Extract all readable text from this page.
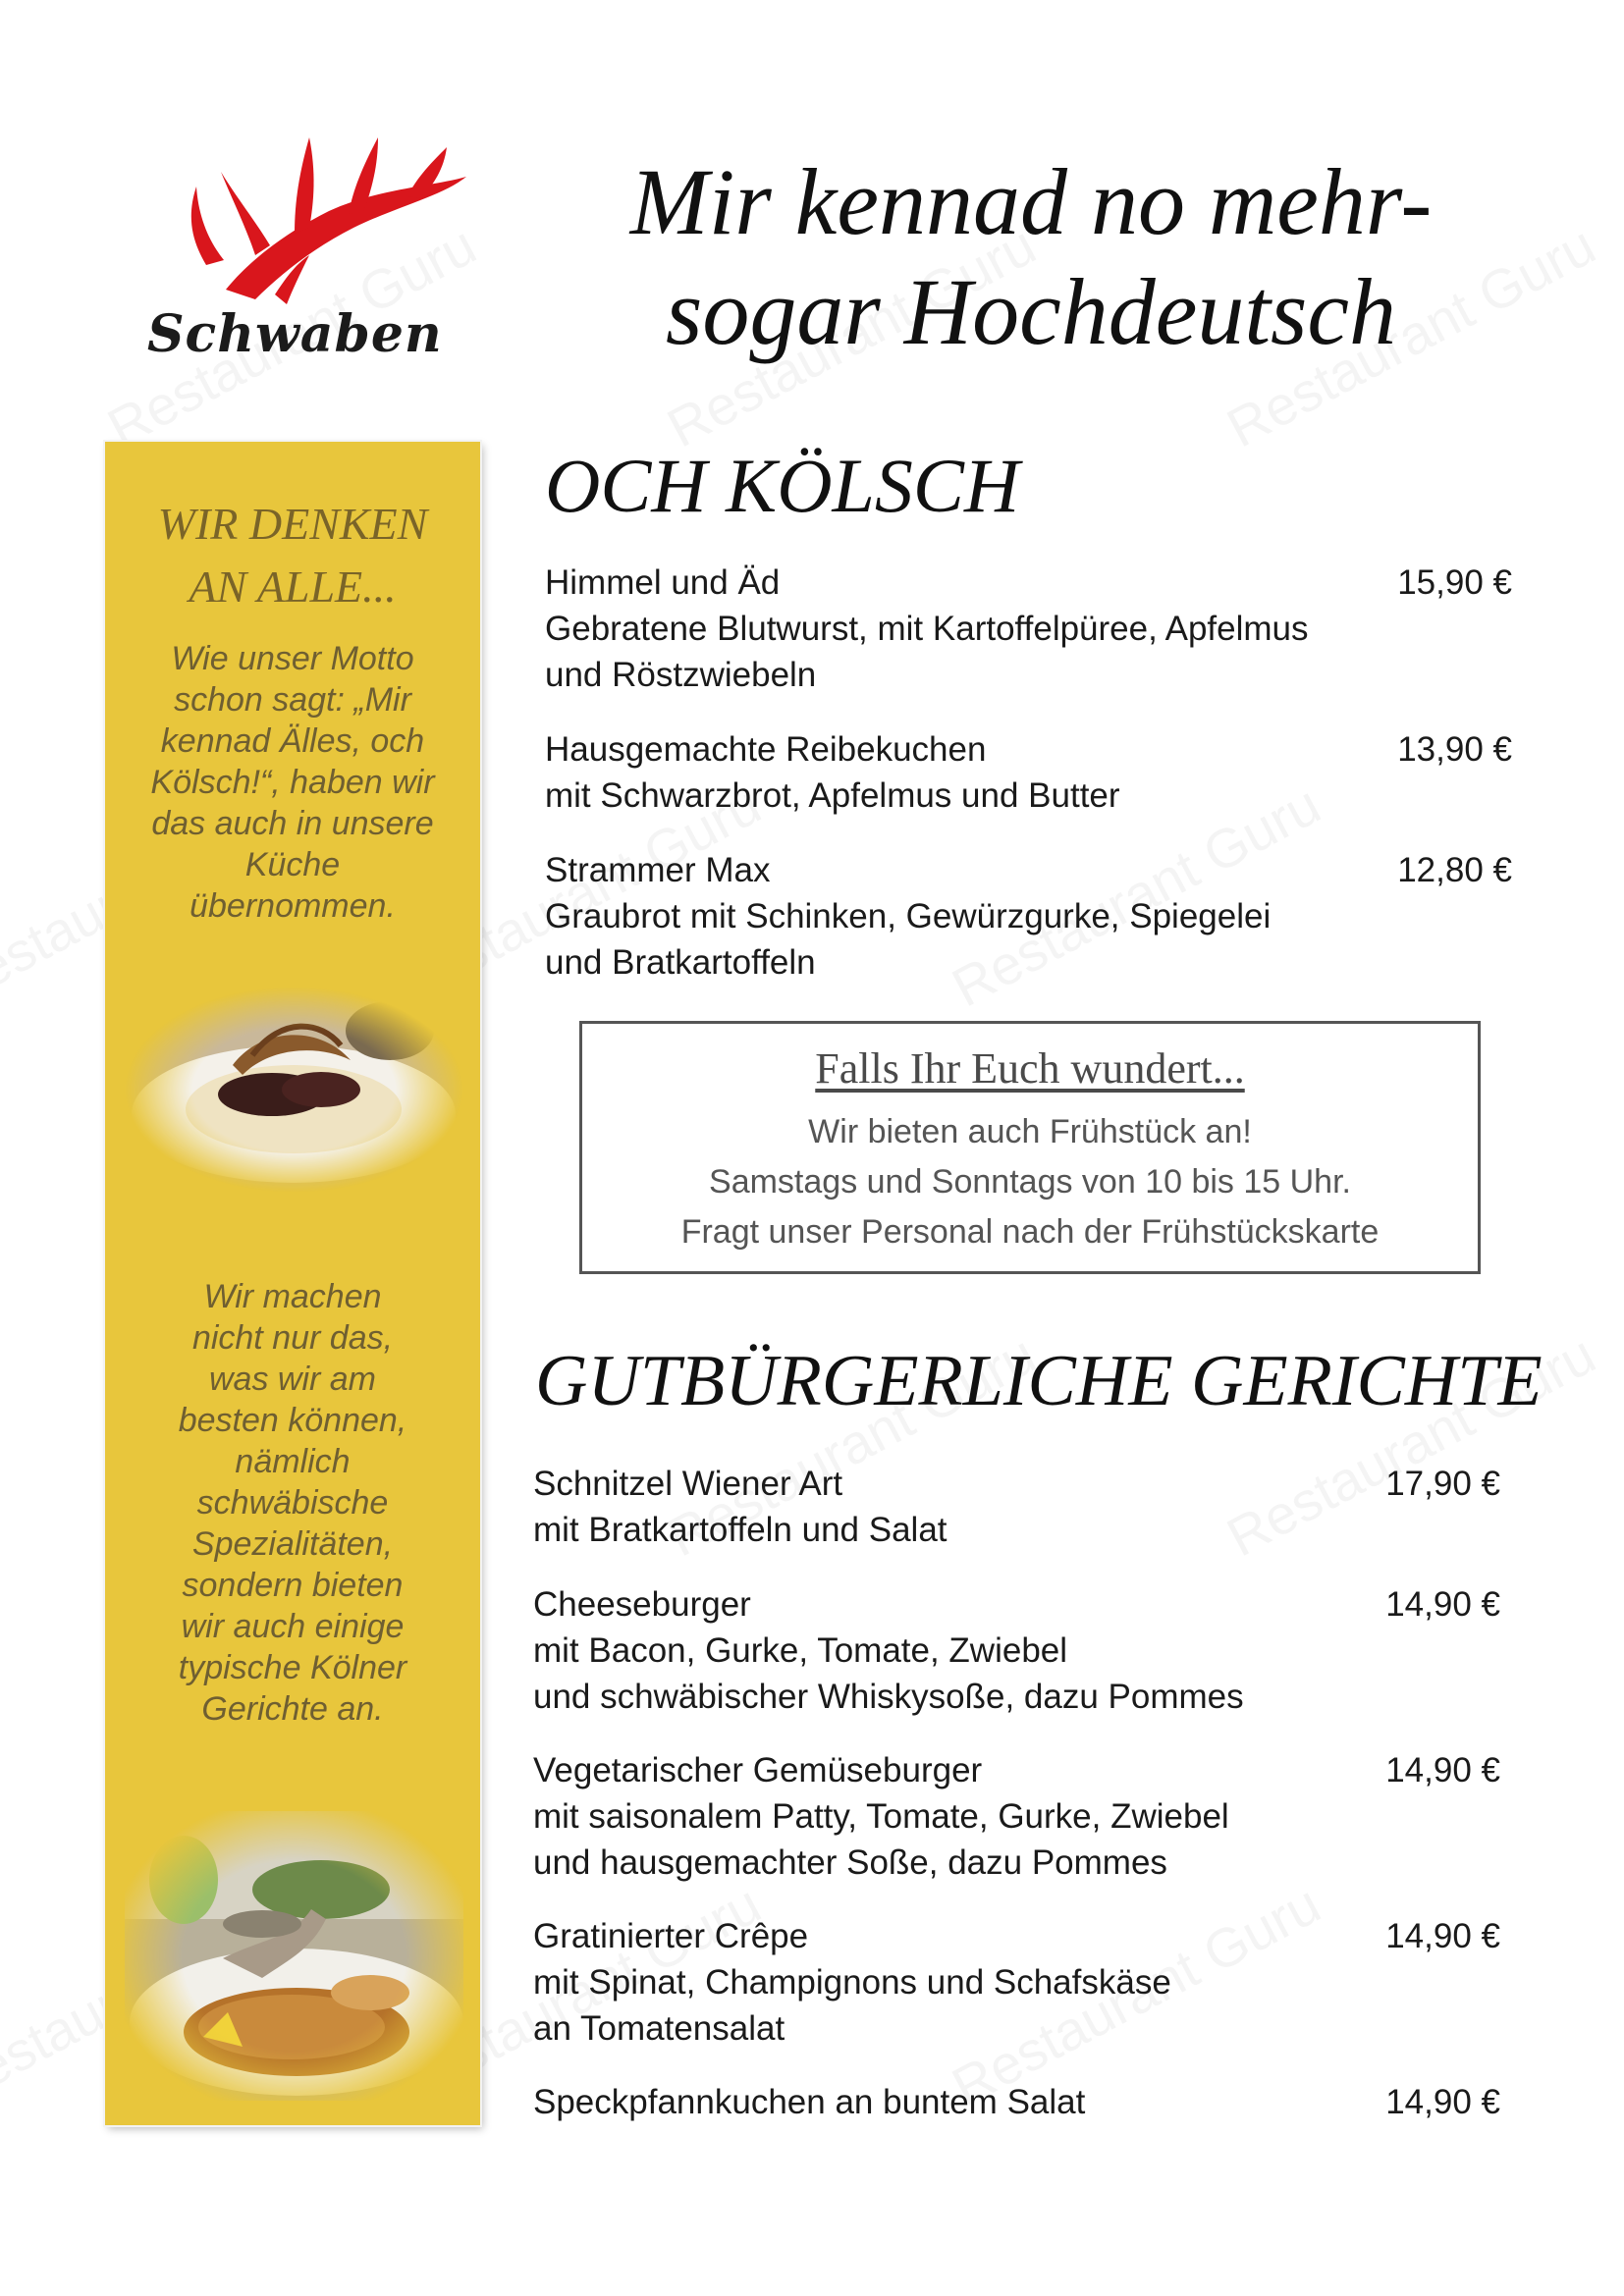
Schwaben
Mir kennad no mehr-
sogar Hochdeutsch
WIR DENKEN
AN ALLE...
Wie unser Motto
schon sagt: „Mir
kennad Älles, och
Kölsch!“, haben wir
das auch in unsere
Küche
übernommen.
Wir machen
nicht nur das,
was wir am
besten können,
nämlich
schwäbische
Spezialitäten,
sondern bieten
wir auch einige
typische Kölner
Gerichte an.
OCH KÖLSCH
Himmel und Äd
Gebratene Blutwurst, mit Kartoffelpüree, Apfelmus
und Röstzwiebeln
15,90 €
Hausgemachte Reibekuchen
mit Schwarzbrot, Apfelmus und Butter
13,90 €
Strammer Max
Graubrot mit Schinken, Gewürzgurke, Spiegelei
und Bratkartoffeln
12,80 €
Falls Ihr Euch wundert...
Wir bieten auch Frühstück an!
Samstags und Sonntags von 10 bis 15 Uhr.
Fragt unser Personal nach der Frühstückskarte
GUTBÜRGERLICHE GERICHTE
Schnitzel Wiener Art
mit Bratkartoffeln und Salat
17,90 €
Cheeseburger
mit Bacon, Gurke, Tomate, Zwiebel
und schwäbischer Whiskysoße, dazu Pommes
14,90 €
Vegetarischer Gemüseburger
mit saisonalem Patty, Tomate, Gurke, Zwiebel
und hausgemachter Soße, dazu Pommes
14,90 €
Gratinierter Crêpe
mit Spinat, Champignons und Schafskäse
an Tomatensalat
14,90 €
Speckpfannkuchen an buntem Salat	14,90 €
